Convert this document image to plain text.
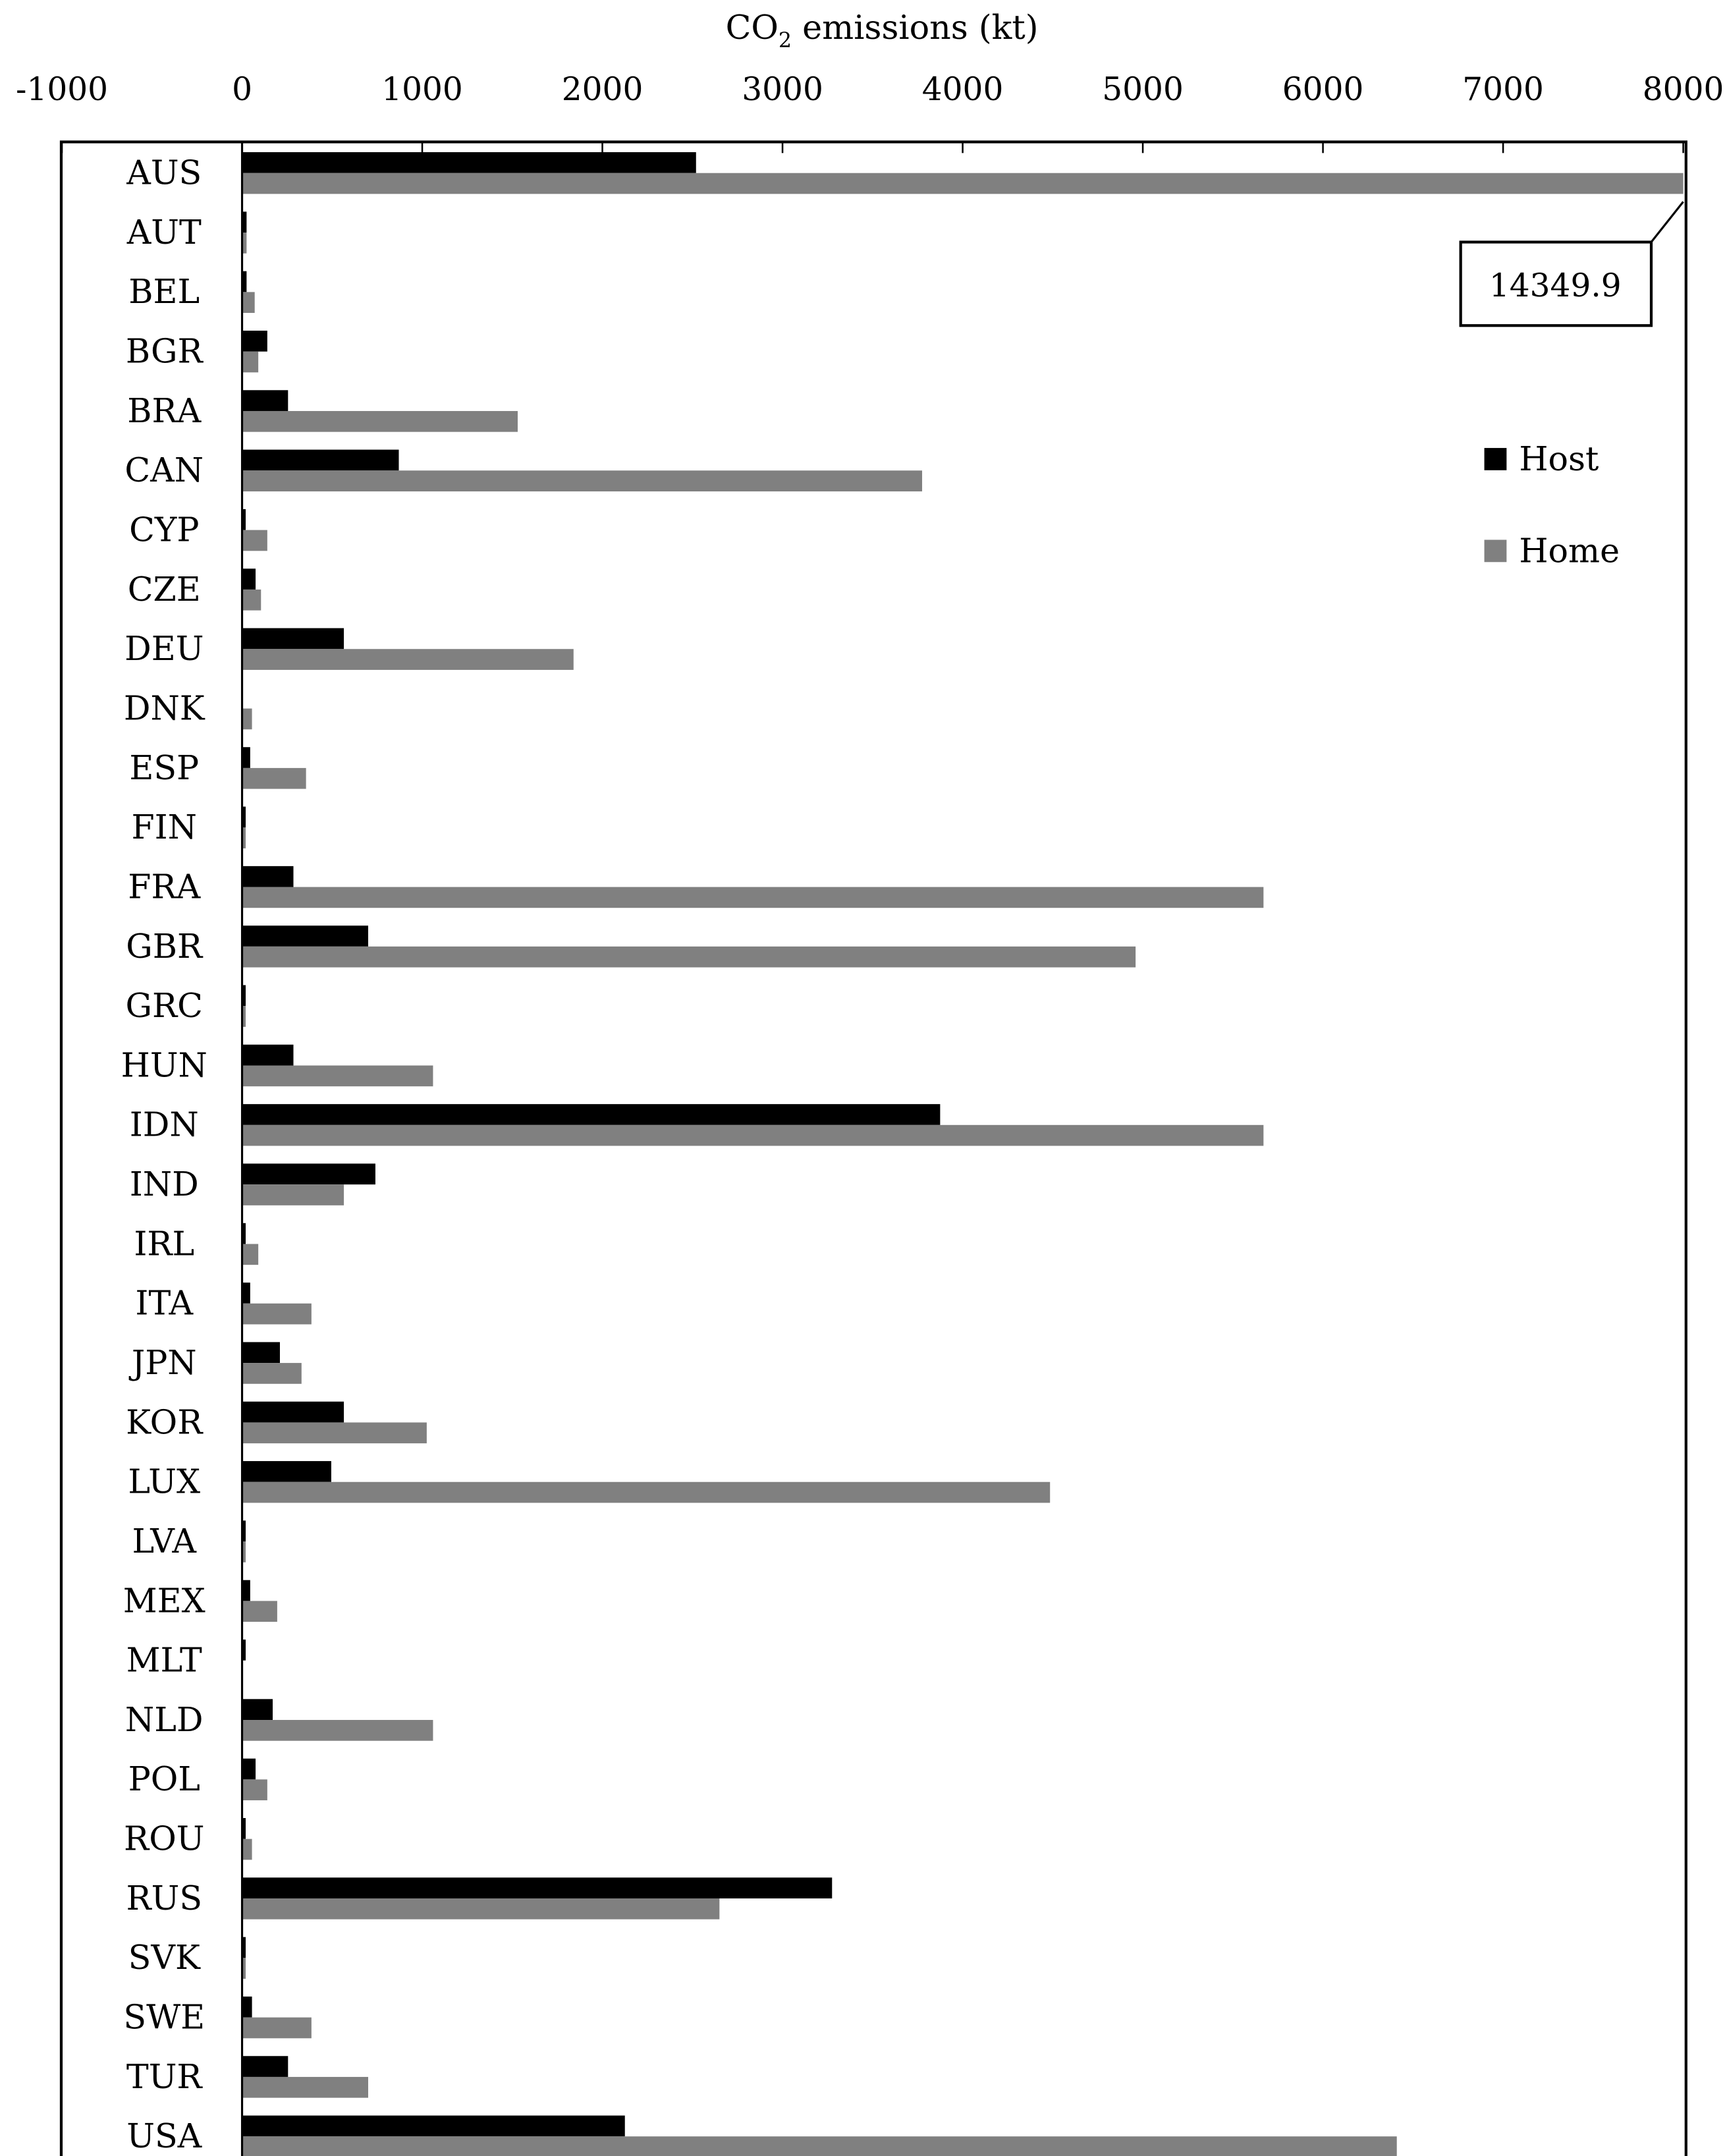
$CO_2$ emissions (kt)
-1000	0	1000	2000	3000	4000	5000	6000	7000	8000
AUS
AUT
BEL
BGR
BRA
CAN
CYP
CZE
DEU
DNK
ESP
FIN
FRA
GBR
GRC
HUN
IDN
IND
IRL
ITA
JPN
KOR
LUX
LVA
MEX
MLT
NLD
POL
ROU
RUS
SVK
SWE
TUR
USA
14349.9
Host
Home
